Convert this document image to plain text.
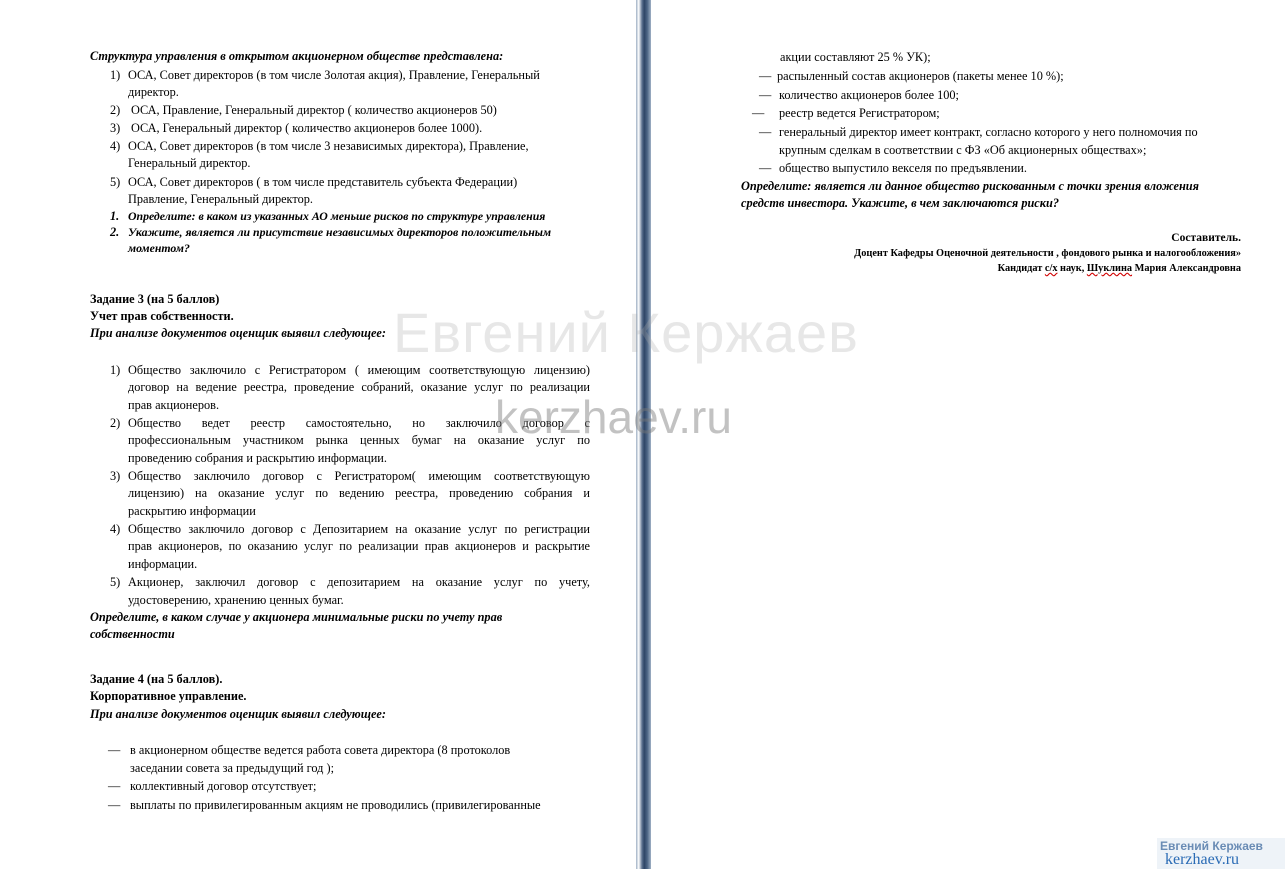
Структура управления в открытом акционерном обществе представлена:
1) ОСА, Совет директоров (в том числе Золотая акция), Правление, Генеральный
директор.
2) ОСА, Правление, Генеральный директор ( количество акционеров 50)
3) ОСА, Генеральный директор ( количество акционеров более 1000).
4) ОСА, Совет директоров (в том числе 3 независимых директора), Правление,
Генеральный директор.
5) ОСА, Совет директоров ( в том числе представитель субъекта Федерации)
Правление, Генеральный директор.
1. Определите: в каком из указанных АО меньше рисков по структуре управления
2. Укажите, является ли присутствие независимых директоров положительным
моментом?
Задание 3 (на 5 баллов)
Учет прав собственности.
При анализе документов оценщик выявил следующее:
1) Общество заключило с Регистратором ( имеющим соответствующую лицензию)
договор на ведение реестра, проведение собраний, оказание услуг по реализации
прав акционеров.
2) Общество ведет реестр самостоятельно, но заключило договор с
профессиональным участником рынка ценных бумаг на оказание услуг по
проведению собрания и раскрытию информации.
3) Общество заключило договор с Регистратором( имеющим соответствующую
лицензию) на оказание услуг по ведению реестра, проведению собрания и
раскрытию информации
4) Общество заключило договор с Депозитарием на оказание услуг по регистрации
прав акционеров, по оказанию услуг по реализации прав акционеров и раскрытие
информации.
5) Акционер, заключил договор с депозитарием на оказание услуг по учету,
удостоверению, хранению ценных бумаг.
Определите, в каком случае у акционера минимальные риски по учету прав
собственности
Задание 4 (на 5 баллов).
Корпоративное управление.
При анализе документов оценщик выявил следующее:
— в акционерном обществе ведется работа совета директора (8 протоколов
заседании совета за предыдущий год );
— коллективный договор отсутствует;
— выплаты по привилегированным акциям не проводились (привилегированные
акции составляют 25 % УК);
— распыленный состав акционеров (пакеты менее 10 %);
— количество акционеров более 100;
— реестр ведется Регистратором;
— генеральный директор имеет контракт, согласно которого у него полномочия по
крупным сделкам в соответствии с ФЗ «Об акционерных обществах»;
— общество выпустило векселя по предъявлении.
Определите: является ли данное общество рискованным с точки зрения вложения
средств инвестора. Укажите, в чем заключаются риски?
Составитель.
Доцент Кафедры Оценочной деятельности , фондового рынка и налогообложения»
Кандидат с/х наук, Шуклина Мария Александровна
Евгений Кержаев
kerzhaev.ru
Евгений Кержаев
kerzhaev.ru
